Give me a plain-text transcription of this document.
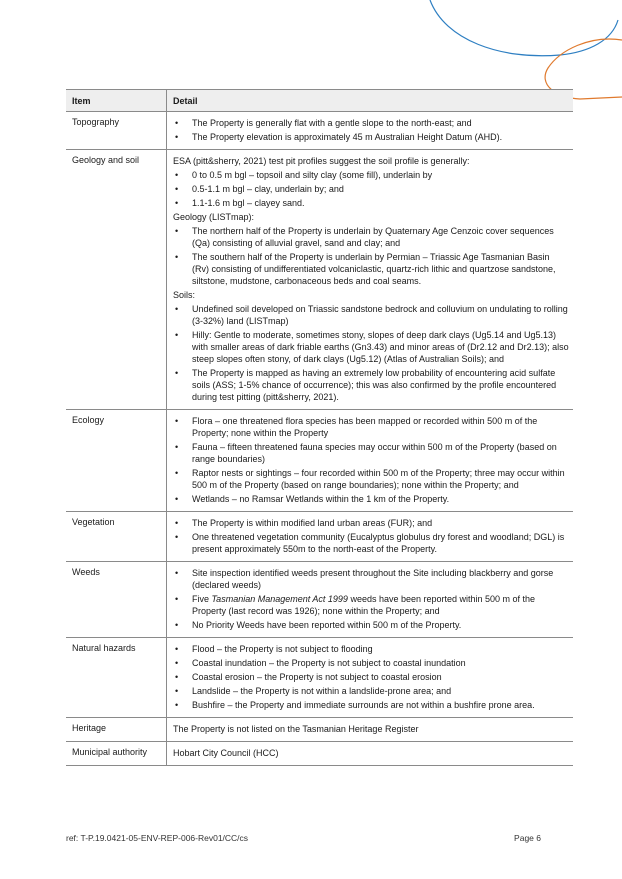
Item	Detail
Topography	• The Property is generally flat with a gentle slope to the north-east; and
• The Property elevation is approximately 45 m Australian Height Datum (AHD).
Geology and soil	ESA (pitt&sherry, 2021) test pit profiles suggest the soil profile is generally:
• 0 to 0.5 m bgl – topsoil and silty clay (some fill), underlain by
• 0.5-1.1 m bgl – clay, underlain by; and
• 1.1-1.6 m bgl – clayey sand.
Geology (LISTmap):
• The northern half of the Property is underlain by Quaternary Age Cenzoic cover sequences (Qa) consisting of alluvial gravel, sand and clay; and
• The southern half of the Property is underlain by Permian – Triassic Age Tasmanian Basin (Rv) consisting of undifferentiated volcaniclastic, quartz-rich lithic and quartzose sandstone, siltstone, mudstone, carbonaceous beds and coal seams.
Soils:
• Undefined soil developed on Triassic sandstone bedrock and colluvium on undulating to rolling (3-32%) land (LISTmap)
• Hilly: Gentle to moderate, sometimes stony, slopes of deep dark clays (Ug5.14 and Ug5.13) with smaller areas of dark friable earths (Gn3.43) and minor areas of (Dr2.12 and Dr2.13); also steep slopes often stony, of dark clays (Ug5.12) (Atlas of Australian Soils); and
• The Property is mapped as having an extremely low probability of encountering acid sulfate soils (ASS; 1-5% chance of occurrence); this was also confirmed by the profile encountered during test pitting (pitt&sherry, 2021).
Ecology	• Flora – one threatened flora species has been mapped or recorded within 500 m of the Property; none within the Property
• Fauna – fifteen threatened fauna species may occur within 500 m of the Property (based on range boundaries)
• Raptor nests or sightings – four recorded within 500 m of the Property; three may occur within 500 m of the Property (based on range boundaries); none within the Property; and
• Wetlands – no Ramsar Wetlands within the 1 km of the Property.
Vegetation	• The Property is within modified land urban areas (FUR); and
• One threatened vegetation community (Eucalyptus globulus dry forest and woodland; DGL) is present approximately 550m to the north-east of the Property.
Weeds	• Site inspection identified weeds present throughout the Site including blackberry and gorse (declared weeds)
• Five Tasmanian Management Act 1999 weeds have been reported within 500 m of the Property (last record was 1926); none within the Property; and
• No Priority Weeds have been reported within 500 m of the Property.
Natural hazards	• Flood – the Property is not subject to flooding
• Coastal inundation – the Property is not subject to coastal inundation
• Coastal erosion – the Property is not subject to coastal erosion
• Landslide – the Property is not within a landslide-prone area; and
• Bushfire – the Property and immediate surrounds are not within a bushfire prone area.
Heritage	The Property is not listed on the Tasmanian Heritage Register
Municipal authority	Hobart City Council (HCC)
ref: T-P.19.0421-05-ENV-REP-006-Rev01/CC/cs	Page 6
